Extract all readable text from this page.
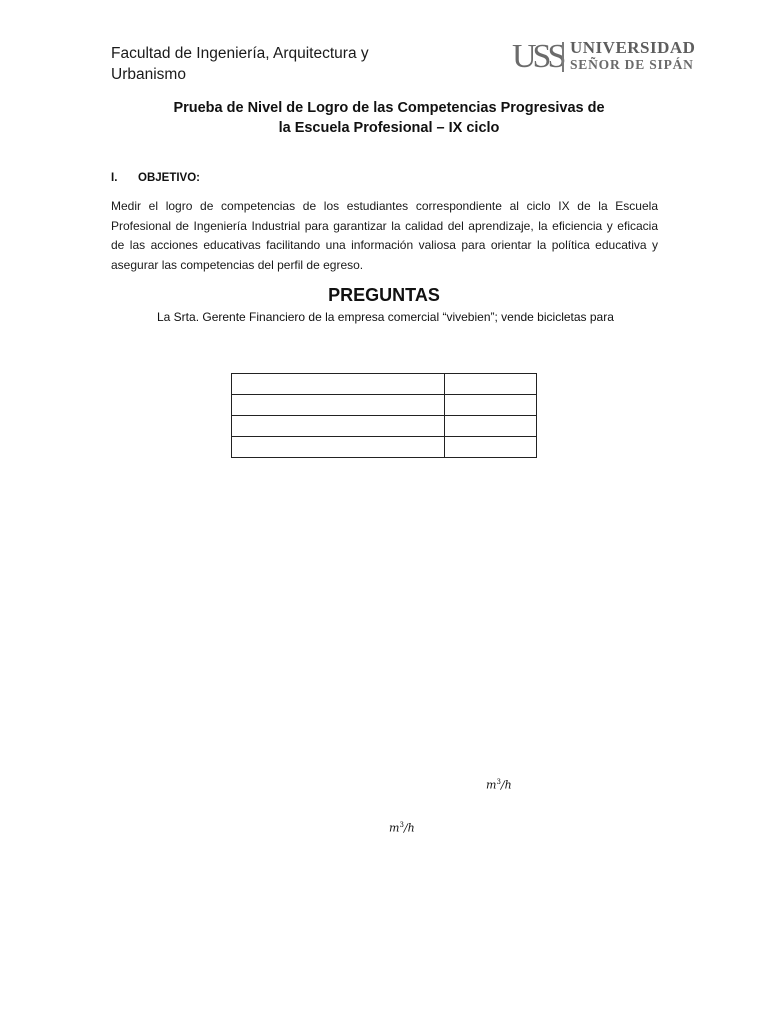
Facultad de Ingeniería, Arquitectura y Urbanismo	USS UNIVERSIDAD
SEÑOR DE SIPÁN
Prueba de Nivel de Logro de las Competencias Progresivas de
la Escuela Profesional – IX ciclo
I. OBJETIVO:
Medir el logro de competencias de los estudiantes correspondiente al ciclo IX de la Escuela Profesional de Ingeniería Industrial para garantizar la calidad del aprendizaje, la eficiencia y eficacia de las acciones educativas facilitando una información valiosa para orientar la política educativa y asegurar las competencias del perfil de egreso.
PREGUNTAS
La Srta. Gerente Financiero de la empresa comercial “vivebien”; vende bicicletas para

$m^3/h$
$m^3/h$
